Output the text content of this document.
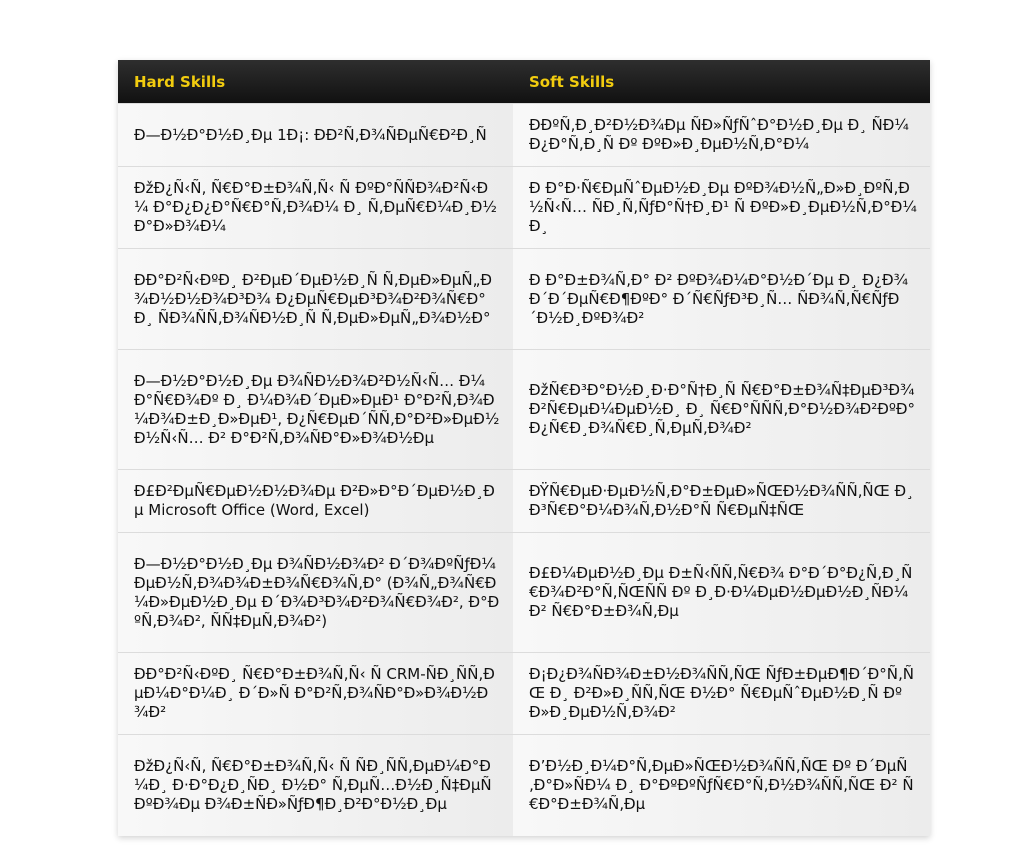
Hard Skills	Soft Skills
Ð—Ð½Ð°Ð½Ð¸Ðµ 1Ð¡: ÐÐ²Ñ‚Ð¾ÑÐµÑ€Ð²Ð¸Ñ	ÐÐºÑ‚Ð¸Ð²Ð½Ð¾Ðµ ÑÐ»ÑƒÑˆÐ°Ð½Ð¸Ðµ Ð¸ ÑÐ¼Ð¿Ð°Ñ‚Ð¸Ñ Ðº ÐºÐ»Ð¸ÐµÐ½Ñ‚Ð°Ð¼
ÐžÐ¿Ñ‹Ñ‚ Ñ€Ð°Ð±Ð¾Ñ‚Ñ‹ Ñ ÐºÐ°ÑÑÐ¾Ð²Ñ‹Ð¼ Ð°Ð¿Ð¿Ð°Ñ€Ð°Ñ‚Ð¾Ð¼ Ð¸ Ñ‚ÐµÑ€Ð¼Ð¸Ð½Ð°Ð»Ð¾Ð¼	Ð Ð°Ð·Ñ€ÐµÑˆÐµÐ½Ð¸Ðµ ÐºÐ¾Ð½Ñ„Ð»Ð¸ÐºÑ‚Ð½Ñ‹Ñ… ÑÐ¸Ñ‚ÑƒÐ°Ñ†Ð¸Ð¹ Ñ ÐºÐ»Ð¸ÐµÐ½Ñ‚Ð°Ð¼Ð¸
ÐÐ°Ð²Ñ‹ÐºÐ¸ Ð²ÐµÐ´ÐµÐ½Ð¸Ñ Ñ‚ÐµÐ»ÐµÑ„Ð¾Ð½Ð½Ð¾Ð³Ð¾ Ð¿ÐµÑ€ÐµÐ³Ð¾Ð²Ð¾Ñ€Ð° Ð¸ ÑÐ¾ÑÑ‚Ð¾ÑÐ½Ð¸Ñ Ñ‚ÐµÐ»ÐµÑ„Ð¾Ð½Ð°	Ð Ð°Ð±Ð¾Ñ‚Ð° Ð² ÐºÐ¾Ð¼Ð°Ð½Ð´Ðµ Ð¸ Ð¿Ð¾Ð´Ð´ÐµÑ€Ð¶ÐºÐ° Ð´Ñ€ÑƒÐ³Ð¸Ñ… ÑÐ¾Ñ‚Ñ€ÑƒÐ´Ð½Ð¸ÐºÐ¾Ð²
Ð—Ð½Ð°Ð½Ð¸Ðµ Ð¾ÑÐ½Ð¾Ð²Ð½Ñ‹Ñ… Ð¼Ð°Ñ€Ð¾Ðº Ð¸ Ð¼Ð¾Ð´ÐµÐ»ÐµÐ¹ Ð°Ð²Ñ‚Ð¾Ð¼Ð¾Ð±Ð¸Ð»ÐµÐ¹, Ð¿Ñ€ÐµÐ´ÑÑ‚Ð°Ð²Ð»ÐµÐ½Ð½Ñ‹Ñ… Ð² Ð°Ð²Ñ‚Ð¾ÑÐ°Ð»Ð¾Ð½Ðµ	ÐžÑ€Ð³Ð°Ð½Ð¸Ð·Ð°Ñ†Ð¸Ñ Ñ€Ð°Ð±Ð¾Ñ‡ÐµÐ³Ð¾ Ð²Ñ€ÐµÐ¼ÐµÐ½Ð¸ Ð¸ Ñ€Ð°ÑÑÑ‚Ð°Ð½Ð¾Ð²ÐºÐ° Ð¿Ñ€Ð¸Ð¾Ñ€Ð¸Ñ‚ÐµÑ‚Ð¾Ð²
Ð£Ð²ÐµÑ€ÐµÐ½Ð½Ð¾Ðµ Ð²Ð»Ð°Ð´ÐµÐ½Ð¸Ðµ Microsoft Office (Word, Excel)	ÐŸÑ€ÐµÐ·ÐµÐ½Ñ‚Ð°Ð±ÐµÐ»ÑŒÐ½Ð¾ÑÑ‚ÑŒ Ð¸ Ð³Ñ€Ð°Ð¼Ð¾Ñ‚Ð½Ð°Ñ Ñ€ÐµÑ‡ÑŒ
Ð—Ð½Ð°Ð½Ð¸Ðµ Ð¾ÑÐ½Ð¾Ð² Ð´Ð¾ÐºÑƒÐ¼ÐµÐ½Ñ‚Ð¾Ð¾Ð±Ð¾Ñ€Ð¾Ñ‚Ð° (Ð¾Ñ„Ð¾Ñ€Ð¼Ð»ÐµÐ½Ð¸Ðµ Ð´Ð¾Ð³Ð¾Ð²Ð¾Ñ€Ð¾Ð², Ð°ÐºÑ‚Ð¾Ð², ÑÑ‡ÐµÑ‚Ð¾Ð²)	Ð£Ð¼ÐµÐ½Ð¸Ðµ Ð±Ñ‹ÑÑ‚Ñ€Ð¾ Ð°Ð´Ð°Ð¿Ñ‚Ð¸Ñ€Ð¾Ð²Ð°Ñ‚ÑŒÑÑ Ðº Ð¸Ð·Ð¼ÐµÐ½ÐµÐ½Ð¸ÑÐ¼ Ð² Ñ€Ð°Ð±Ð¾Ñ‚Ðµ
ÐÐ°Ð²Ñ‹ÐºÐ¸ Ñ€Ð°Ð±Ð¾Ñ‚Ñ‹ Ñ CRM-ÑÐ¸ÑÑ‚ÐµÐ¼Ð°Ð¼Ð¸ Ð´Ð»Ñ Ð°Ð²Ñ‚Ð¾ÑÐ°Ð»Ð¾Ð½Ð¾Ð²	Ð¡Ð¿Ð¾ÑÐ¾Ð±Ð½Ð¾ÑÑ‚ÑŒ ÑƒÐ±ÐµÐ¶Ð´Ð°Ñ‚ÑŒ Ð¸ Ð²Ð»Ð¸ÑÑ‚ÑŒ Ð½Ð° Ñ€ÐµÑˆÐµÐ½Ð¸Ñ ÐºÐ»Ð¸ÐµÐ½Ñ‚Ð¾Ð²
ÐžÐ¿Ñ‹Ñ‚ Ñ€Ð°Ð±Ð¾Ñ‚Ñ‹ Ñ ÑÐ¸ÑÑ‚ÐµÐ¼Ð°Ð¼Ð¸ Ð·Ð°Ð¿Ð¸ÑÐ¸ Ð½Ð° Ñ‚ÐµÑ…Ð½Ð¸Ñ‡ÐµÑÐºÐ¾Ðµ Ð¾Ð±ÑÐ»ÑƒÐ¶Ð¸Ð²Ð°Ð½Ð¸Ðµ	Ð’Ð½Ð¸Ð¼Ð°Ñ‚ÐµÐ»ÑŒÐ½Ð¾ÑÑ‚ÑŒ Ðº Ð´ÐµÑ‚Ð°Ð»ÑÐ¼ Ð¸ Ð°ÐºÐºÑƒÑ€Ð°Ñ‚Ð½Ð¾ÑÑ‚ÑŒ Ð² Ñ€Ð°Ð±Ð¾Ñ‚Ðµ
